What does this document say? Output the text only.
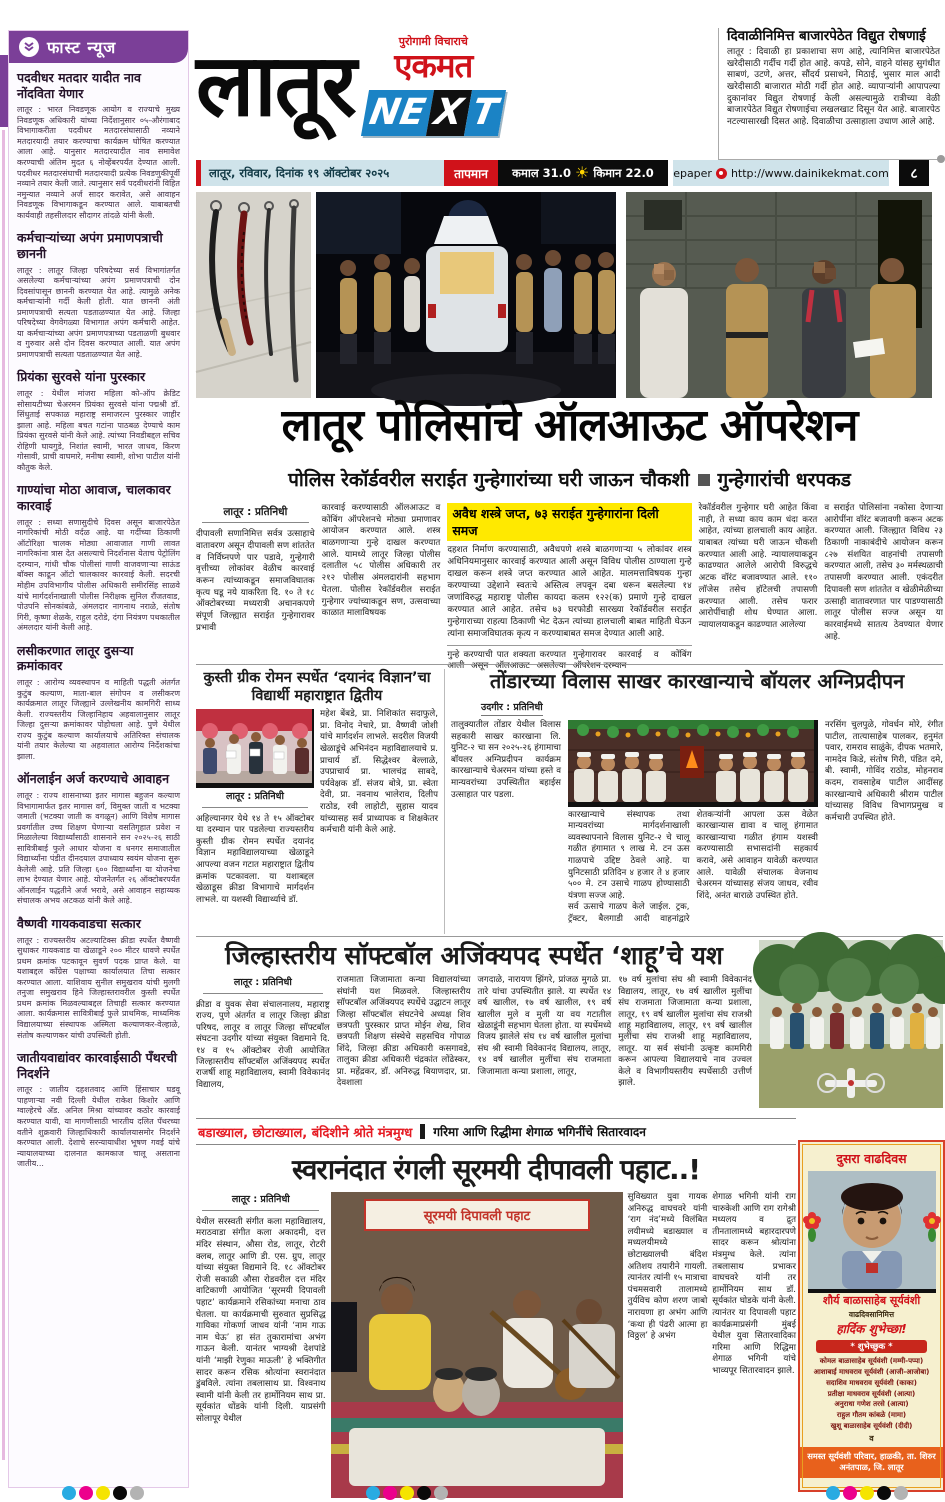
फास्ट न्यूज
पदवीधर मतदार यादीत नाव नोंदविता येणार

लातूर : भारत निवडणूक आयोग व राज्याचे मुख्य निवडणूक अधिकारी यांच्या निर्देशानुसार ०५-औरंगाबाद विभागाकरीता पदवीधर मतदारसंघासाठी नव्याने मतदारयादी तयार करण्याचा कार्यक्रम घोषित करण्यात आला आहे. यानुसार मतदारयादीत नाव समावेश करण्याची अंतिम मुदत ६ नोव्हेंबरपर्यंत देण्यात आली. पदवीधर मतदारसंघाची मतदारयादी प्रत्येक निवडणुकीपूर्वी नव्याने तयार केली जाते. त्यानुसार सर्व पदवीधरांनी विहित नमुन्यात नव्याने अर्ज सादर करावेत, असे आवाहन निवडणूक विभागाकडून करण्यात आले. याबाबतची कार्यवाही तहसीलदार सौदागर तांदळे यांनी केली.

कर्मचाऱ्यांच्या अपंग प्रमाणपत्राची छाननी

लातूर : लातूर जिल्हा परिषदेच्या सर्व विभागांतर्गत असलेल्या कर्मचाऱ्यांच्या अपंग प्रमाणपत्राची दोन दिवसांपासून छाननी करण्यात येत आहे. त्यामुळे अनेक कर्मचाऱ्यांनी गर्दी केली होती. यात छाननी अंती प्रमाणपत्राची सत्यता पडताळण्यात येत आहे. जिल्हा परिषदेच्या वेगवेगळ्या विभागात अपंग कर्मचारी आहेत. या कर्मचाऱ्यांच्या अपंग प्रमाणपत्राच्या पडताळणी बुधवार व गुरुवार असे दोन दिवस करण्यात आली. यात अपंग प्रमाणपत्राची सत्यता पडताळण्यात येत आहे.

प्रियंका सुरवसे यांना पुरस्कार

लातूर : येथील मांजरा महिला को-ऑप क्रेडिट सोसायटीच्या चेअरमन प्रियंका सुरवसे यांना पद्मश्री डॉ. सिंधुताई सपकाळ महाराष्ट्र समाजरत्न पुरस्कार जाहीर झाला आहे. महिला बचत गटांना पाठबळ देण्याचे काम प्रियंका सुरवसे यांनी केले आहे. त्यांच्या निवडीबद्दल सचिव रोहिणी घायगुडे, निशांत स्वामी, भारत जाधव, किरण गोसावी, प्राची वाघमारे, मनीषा स्वामी, शोभा पाटील यांनी कौतुक केले.

गाण्यांचा मोठा आवाज, चालकावर कारवाई

लातूर : सध्या सणासुदीचे दिवस असून बाजारपेठेत नागरिकांची मोठी वर्दळ आहे. या गर्दीच्या ठिकाणी ऑटोरिक्षा चालक मोठ्या आवाजात गाणी लावत नागरिकांना त्रास देत असल्याचे निदर्शनास येताच पेट्रोलिंग दरम्यान, गांधी चौक पोलीसां गाणी वाजवणाऱ्या साऊंड बॉक्स काढून ऑटो चालकावर कारवाई केली. सदरची मोहीम उपविभागीय पोलीस अधिकारी समीरसिंह साळवे यांचे मार्गदर्शनाखाली पोलीस निरीक्षक सुनिल रौंजतवाड, पोउपनि सोनकांबळे, अंमलदार नागनाथ नराळे, संतोष गिरी, कृष्णा शेळके, राहुल दरोडे, दंगा नियंत्रण पथकातील अंमलदार यांनी केली आहे.

लसीकरणात लातूर दुसऱ्या क्रमांकावर

लातूर : आरोग्य व्यवस्थापन व माहिती पद्धती अंतर्गत कुटुंब कल्याण, माता-बाल संगोपन व लसीकरण कार्यक्रमात लातूर जिल्ह्याने उल्लेखनीय कामगिरी साध्य केली. राज्यस्तरीय जिल्हानिहाय अहवालानुसार लातूर जिल्हा दुसऱ्या क्रमांकावर पोहोचला आहे. पुणे येथील राज्य कुटुंब कल्याण कार्यालयाचे अतिरिक्त संचालक यांनी तयार केलेल्या या अहवालात आरोग्य निर्देशकांचा झाला.

ऑनलाईन अर्ज करण्याचे आवाहन

लातूर : राज्य शासनाच्या इतर मागास बहुजन कल्याण विभागामार्फत इतर मागास वर्ग, विमुक्त जाती व भटक्या जमाती (भटक्या जाती क वगळून) आणि विशेष मागास प्रवर्गातील उच्च शिक्षण घेणाऱ्या वसतिगृहात प्रवेश न मिळालेल्या विद्यार्थ्यांसाठी शासनाने सन २०२५-२६ साठी सावित्रीबाई फुले आधार योजना व धनगर समाजातील विद्यार्थ्यांना पंडीत दीनदयाल उपाध्याय स्वयंम योजना सुरू केलेली आहे. प्रति जिल्हा ६०० विद्यार्थ्यांना या योजनेचा लाभ देण्यात येणार आहे. योजनेतर्गत २६ ऑक्टोबरपर्यंत ऑनलाईन पद्धतीने अर्ज भरावे, असे आवाहन सहाय्यक संचालक अभय अटकळ यांनी केले आहे.

वैष्णवी गायकवाडचा सत्कार

लातूर : राज्यस्तरीय अटल्याटिक्स क्रीडा स्पर्धेत वैष्णवी सुधाकर गायकवाड या खेळाडूने २०० मीटर धावणे स्पर्धेत प्रथम क्रमांक पटकावून सुवर्ण पदक प्राप्त केले. या यशाबद्दल काँग्रेस पक्षाच्या कार्यालयात तिचा सत्कार करण्यात आला. याशिवाय सुनील समुखराव यांची मुलगी तनुजा समुखराव हिने जिल्हास्तरावरील कुस्ती स्पर्धेत प्रथम क्रमांक मिळवल्याबद्दल तिचाही सत्कार करण्यात आला. कार्यक्रमास सावित्रीबाई फुले प्राथमिक, माध्यमिक विद्यालयाच्या संस्थापक अस्मिता कल्याणकर-वेल्हाळे, संतोष कल्याणकर यांची उपस्थिती होती.

जातीयवाद्यांवर कारवाईसाठी पँथरची निदर्शने

लातूर : जातीय दहशतवाद आणि हिंसाचार घडवू पाहणाऱ्या नवी दिल्ली येथील राकेश किशोर आणि ग्वाल्हेरचे अ‍ॅड. अनिल मिश्रा यांच्यावर कठोर कारवाई करण्यात यावी, या मागणीसाठी भारतीय दलित पँथरच्या वतीने शुक्रवारी जिल्हाधिकारी कार्यालयासमोर निदर्शने करण्यात आली. देशाचे सरन्यायाधीश भूषण गवई यांचे न्यायालयाच्या दालनात कामकाज चालू असताना जातीय...

लातूर	पुरोगामी विचाराचे
एकमत
NE X T
दिवाळीनिमित्त बाजारपेठेत विद्युत रोषणाई

लातूर : दिवाळी हा प्रकाशाचा सण आहे, त्यानिमित्त बाजारपेठेत खरेदीसाठी गर्दीच गर्दी होत आहे. कपडे, सोने, वाहने यांसह सुगंधीत साबणं, उटणे, अत्तर, सौंदर्य प्रसाधने, मिठाई, भुसार माल आदी खरेदीसाठी बाजारात मोठी गर्दी होत आहे. व्यापाऱ्यांनी आपापल्या दुकानांवर विद्युत रोषणाई केली असल्यामुळे रात्रीच्या वेळी बाजारपेठेत विद्युत रोषणाईचा लखलखाट दिसून येत आहे. बाजारपेठ नटल्यासारखी दिसत आहे. दिवाळीचा उत्साहाला उधाण आले आहे.

लातूर, रविवार, दिनांक १९ ऑक्टोबर २०२५	तापमान	कमाल 31.0 ☀ किमान 22.0 epaper http://www.dainikekmat.com	८
लातूर पोलिसांचे ऑलआऊट ऑपरेशन
पोलिस रेकॉर्डवरील सराईत गुन्हेगारांच्या घरी जाऊन चौकशी गुन्हेगारांची धरपकड
लातूर : प्रतिनिधी
दीपावली सणानिमित्त सर्वत्र उत्साहाचे वातावरण असून दीपावली सण शांततेत व निर्विघ्नपणे पार पडावे, गुन्हेगारी वृत्तीच्या लोकांवर वेळीच कारवाई करून त्यांच्याकडून समाजविघातक कृत्य घडू नये याकरिता दि. १० ते १८ ऑक्टोबरच्या मध्यरात्री अचानकपणे संपूर्ण जिल्ह्यात सराईत गुन्हेगारावर प्रभावी
कारवाई करण्यासाठी ऑलआऊट व कोंबिंग ऑपरेशनचे मोठ्या प्रमाणावर आयोजन करण्यात आले. शस्त्र बाळगणाऱ्या गुन्हे दाखल करण्यात आले. यामध्ये लातूर जिल्हा पोलीस दलातील ५८ पोलीस अधिकारी तर २१२ पोलीस अंमलदारांनी सहभाग घेतला. पोलीस रेकॉर्डवरील सराईत गुन्हेगार ज्यांच्याकडून सण, उत्सवाच्या काळात मालाविषयक
अवैध शस्त्रे जप्त, ७३ सराईत गुन्हेगारांना दिली समज
दहशत निर्माण करण्यासाठी, अवैधपणे शस्त्रे बाळगणाऱ्या ५ लोकांवर शस्त्र अधिनियमानुसार कारवाई करण्यात आली असून विविध पोलीस ठाण्याला गुन्हे दाखल करून शस्त्रे जप्त करण्यात आले आहेत. मालमत्ताविषयक गुन्हा करण्याच्या उद्देशाने स्वतःचे अस्तित्व लपवून दबा धरून बसलेल्या १४ जणांविरुद्ध महाराष्ट्र पोलीस कायदा कलम १२२(क) प्रमाणे गुन्हे दाखल करण्यात आले आहेत. तसेच ७३ घरफोडी सारख्या रेकॉर्डवरील सराईत गुन्हेगाराच्या राहत्या ठिकाणी भेट देऊन त्यांच्या हालचाली बाबत माहिती घेऊन त्यांना समाजविघातक कृत्य न करण्याबाबत समज देण्यात आली आहे.
गुन्हे करण्याची पात शक्यता करण्यात आली असून ऑलआऊट असलेल्या गुन्हेगारावर कारवाई व कोंबिंग ऑपरेशन दरम्यान
रेकॉर्डवरील गुन्हेगार घरी आहेत किंवा नाही, ते सध्या काय काम धंदा करत आहेत, त्यांच्या हालचाली काय आहेत. याबाबत त्यांच्या घरी जाऊन चौकशी करण्यात आली आहे. न्यायालयाकडून काढण्यात आलेले आरोपी विरुद्धचे अटक वॉरंट बजावण्यात आले. ११० लॉजेस तसेच हॉटेलची तपासणी करण्यात आली. तसेच फरार आरोपींचाही शोध घेण्यात आला. न्यायालयाकडून काढण्यात आलेल्या
व सराईत पोलिसांना नकोसा देणाऱ्या आरोपींना वॉरंट बजावणी करून अटक करण्यात आली. जिल्ह्यात विविध २३ ठिकाणी नाकाबंदीचे आयोजन करून ८२७ संशयित वाहनांची तपासणी करण्यात आली, तसेच ३० मर्मस्थळाची तपासणी करण्यात आली. एकंदरीत दिपावली सण शांततेत व खेळीमेळीच्या उत्साही वातावरणात पार पाडण्यासाठी लातूर पोलीस सज्ज असून या कारवाईमध्ये सातत्य ठेवण्यात येणार आहे.
कुस्ती ग्रीक रोमन स्पर्धेत ‘दयानंद विज्ञान’चा विद्यार्थी महाराष्ट्रात द्वितीय
लातूर : प्रतिनिधी
अहिल्यानगर येथे १४ ते १५ ऑक्टोबर या दरम्यान पार पडलेल्या राज्यस्तरीय कुस्ती ग्रीक रोमन स्पर्धेत दयानंद विज्ञान महाविद्यालयाच्या खेळाडूने आपल्या वजन गटात महाराष्ट्रात द्वितीय क्रमांक पटकावला. या यशाबद्दल खेळाडूस क्रीडा विभागाचे मार्गदर्शन लाभले. या यशस्वी विद्यार्थ्याचे डॉ.
महेश बेंबडे, प्रा. निशिकांत सदाफुले, प्रा. विनोद नेचारे, प्रा. वैष्णवी जोशी यांचे मार्गदर्शन लाभले. सदरील विजयी खेळाडूंचे अभिनंदन महाविद्यालयाचे प्र. प्राचार्य डॉ. सिद्धेश्वर बेल्लाळे, उपप्राचार्य प्रा. भालचंद्र साबदे, पर्यवेक्षक डॉ. संजय बोत्रे, प्रा. स्वेता देवी, प्रा. नवनाथ भालेराव, दिलीप राठोड, रवी लाहोटी, सुहास यादव यांच्यासह सर्व प्राध्यापक व शिक्षकेतर कर्मचारी यांनी केले आहे.
तोंडारच्या विलास साखर कारखान्याचे बॉयलर अग्निप्रदीपन
उदगीर : प्रतिनिधी
तालुक्यातील तोंडार येथील विलास सहकारी साखर कारखाना लि. युनिट-२ चा सन २०२५-२६ हंगामाचा बॉयलर अग्निप्रदीपन कार्यक्रम कारखान्याचे चेअरमन यांच्या हस्ते व मान्यवरांच्या उपस्थितीत बहाईस उत्साहात पार पडला.

कारखान्याचे संस्थापक तथा मान्यवरांच्या मार्गदर्शनाखाली व्यवस्थापनाने विलास युनिट-२ चे चालू गळीत हंगामात ९ लाख मे. टन ऊस गाळपाचे उद्दिष्ट ठेवले आहे. या युनिटसाठी प्रतिदिन ४ हजार ते ४ हजार ५०० मे. टन उसाचे गाळप होण्यासाठी यंत्रणा सज्ज आहे.

सर्व ऊसाचे गाळप केले जाईल. ट्रक, ट्रॅक्टर, बैलगाडी आदी वाहनांद्वारे शेतकऱ्यांनी आपला ऊस वेळेत कारखान्यास द्यावा व चालू हंगामात कारखान्याचा गळीत हंगाम यशस्वी करण्यासाठी सभासदांनी सहकार्य करावे, असे आवाहन यावेळी करण्यात आले. यावेळी संचालक वेजनाथ चेअरमन यांच्यासह संजय जाधव, रवीव शिंदे, अनंत बाराळे उपस्थित होते.

नरसिंग चुलपुळे, गोवर्धन मोरे, रंगीत पाटील, तात्यासाहेब पालकर, हनुमंत पवार, रामराव साळुंके, दीपक भतमारे, नामदेव किडे, संतोष गिरी, पंडित दमे, बी. स्वामी, गोविंद राठोड, मोहनराव कदम, रावसाहेब पाटील आदींसह कारखान्याचे अधिकारी श्रीराम पाटील यांच्यासह विविध विभागप्रमुख व कर्मचारी उपस्थित होते.
जिल्हास्तरीय सॉफ्टबॉल अजिंक्यपद स्पर्धेत ‘शाहू’चे यश
लातूर : प्रतिनिधी
क्रीडा व युवक सेवा संचालनालय, महाराष्ट्र राज्य, पुणे अंतर्गत व लातूर जिल्हा क्रीडा परिषद, लातूर व लातूर जिल्हा सॉफ्टबॉल संघटना उदगीर यांच्या संयुक्त विद्यमाने दि. १४ व १५ ऑक्टोबर रोजी आयोजित जिल्हास्तरीय सॉफ्टबॉल अजिंक्यपद स्पर्धेत राजर्षी शाहू महाविद्यालय, स्वामी विवेकानंद विद्यालय,
राजमाता जिजामाता कन्या विद्यालयांच्या संघांनी यश मिळवले. जिल्हास्तरीय सॉफ्टबॉल अजिंक्यपद स्पर्धेचे उद्घाटन लातूर जिल्हा सॉफ्टबॉल संघटनेचे अध्यक्ष शिव छत्रपती पुरस्कार प्राप्त मोईन शेख, शिव छत्रपती शिक्षण संस्थेचे सहसचिव गोपाळ शिंदे, जिल्हा क्रीडा अधिकारी कसगावडे, तालुका क्रीडा अधिकारी चंद्रकांत लोंढेस्कर, प्रा. महेंद्रकर, डॉ. अनिरुद्ध बियाणदार, प्रा. देवशाला
जगदाळे, नारायण झिंगरे, प्रांजळ मुगळे प्रा. तारे यांचा उपस्थितीत झाले. या स्पर्धेत १४ वर्ष खालील, १७ वर्ष खालील, १९ वर्ष खालील मुले व मुली या वय गटातील खेळाडूंनी सहभाग घेतला होता. या स्पर्धेमध्ये विजय झालेले संघ १४ वर्ष खालील मुलांचा संघ श्री स्वामी विवेकानंद विद्यालय, लातूर, १४ वर्ष खालील मुलींचा संघ राजमाता जिजामाता कन्या प्रशाला, लातूर,
१७ वर्ष मुलांचा संघ श्री स्वामी विवेकानंद विद्यालय, लातूर, १७ वर्ष खालील मुलींचा संघ राजमाता जिजामाता कन्या प्रशाला, लातूर, १९ वर्ष खालील मुलांचा संघ राजश्री शाहू महाविद्यालय, लातूर, १९ वर्ष खालील मुलींचा संघ राजश्री शाहू महाविद्यालय, लातूर. या सर्व संघांनी उत्कृष्ट कामगिरी करून आपल्या विद्यालयाचे नाव उज्वल केले व विभागीयस्तरीय स्पर्धेसाठी उत्तीर्ण झाले.
बडाख्याल, छोटाख्याल, बंदिशीने श्रोते मंत्रमुग्ध गरिमा आणि रिद्धीमा शेगाळ भगिनींचे सितारवादन
स्वरानंदात रंगली सूरमयी दीपावली पहाट..!
लातूर : प्रतिनिधी
येथील सरस्वती संगीत कला महाविद्यालय, मराठवाडा संगीत कला अकादमी, दत्त मंदिर संस्थान, औसा रोड, लातूर, रोटरी क्लब, लातूर आणि डी. एस. ग्रुप, लातूर यांच्या संयुक्त विद्यमाने दि. १८ ऑक्टोबर रोजी सकाळी औसा रोडवरील दत्त मंदिर वाटिकाणी आयोजित ‘सूरमयी दिपावली पहाट’ कार्यक्रमाने रसिकांच्या मनाचा ठाव घेतला. या कार्यक्रमाची सुरुवात सुप्रसिद्ध गायिका गोकर्णा जाधव यांनी ‘नाम गाऊ नाम घेऊ’ हा संत तुकारामांचा अभंग गाऊन केली. यानंतर भाग्यश्री देशपांडे यांनी ‘माझी रेणुका माऊली’ हे भक्तिगीत सादर करून रसिक श्रोत्यांना स्वरानंदात डुंबविले. त्यांना तबलासाथ प्रा. विश्वनाथ स्वामी यांनी केली तर हार्मोनियम साथ प्रा. सूर्यकांत धोंडके यांनी दिली. याप्रसंगी सोलापूर येथील
सूरमयी दिपावली पहाट
सुविख्यात युवा गायक अनिरुद्ध वाघचवरे यांनी ‘राग नंद’मध्ये विलंबित लयीमध्ये बडाख्याल व मध्यलयीमध्ये छोटाख्यालची बंदिश अतिशय तयारीने गायली. त्यानंतर त्यांनी १५ मात्राचा पंचमसवारी तालामध्ये तुर्यविच कोण शरण जाबो नारायणा हा अभंग आणि ‘कथा ही पंढरी आत्मा हा विठ्ठल’ हे अभंग
शेगाळ भगिनी यांनी राग चारुकेशी आणि राग रागेश्री मध्यलय व द्रुत तीनतालामध्ये बहारदारपणे सादर करून श्रोत्यांना मंत्रमुग्ध केले. त्यांना तबलासाथ प्रभाकर वाघचवरे यांनी तर हार्मोनियम साथ डॉ. सूर्यकांत घोडके यांनी केली. त्यानंतर या दिपावली पहाट कार्यक्रमाप्रसंगी मुंबई येथील युवा सितारवादिका गरिमा आणि रिद्धिमा शेगाळ भगिनी यांचे भाव्यपूर सितारवादन झाले.
दुसरा वाढदिवस
शौर्य बाळासाहेब सूर्यवंशी
वाढदिवसानिमित्त
हार्दिक शुभेच्छा!
* शुभेच्छुक *
कोमल बाळासाहेब सूर्यवंशी (मम्मी-पप्पा)
आशाबाई माधवराव सूर्यवंशी (आजी-आजोबा)
सदाशिव माधवराव सूर्यवंशी (काका)
प्रतीक्षा माधवराव सूर्यवंशी (आत्या)
अनुराधा गणेश तरसे (आत्या)
राहुल गौतम कांबळे (मामा)
खुशू बाळासाहेब सूर्यवंशी (दीदी)
व
समस्त सूर्यवंशी परिवार, हाळकी, ता. शिरुर अनंतपाळ, जि. लातूर
